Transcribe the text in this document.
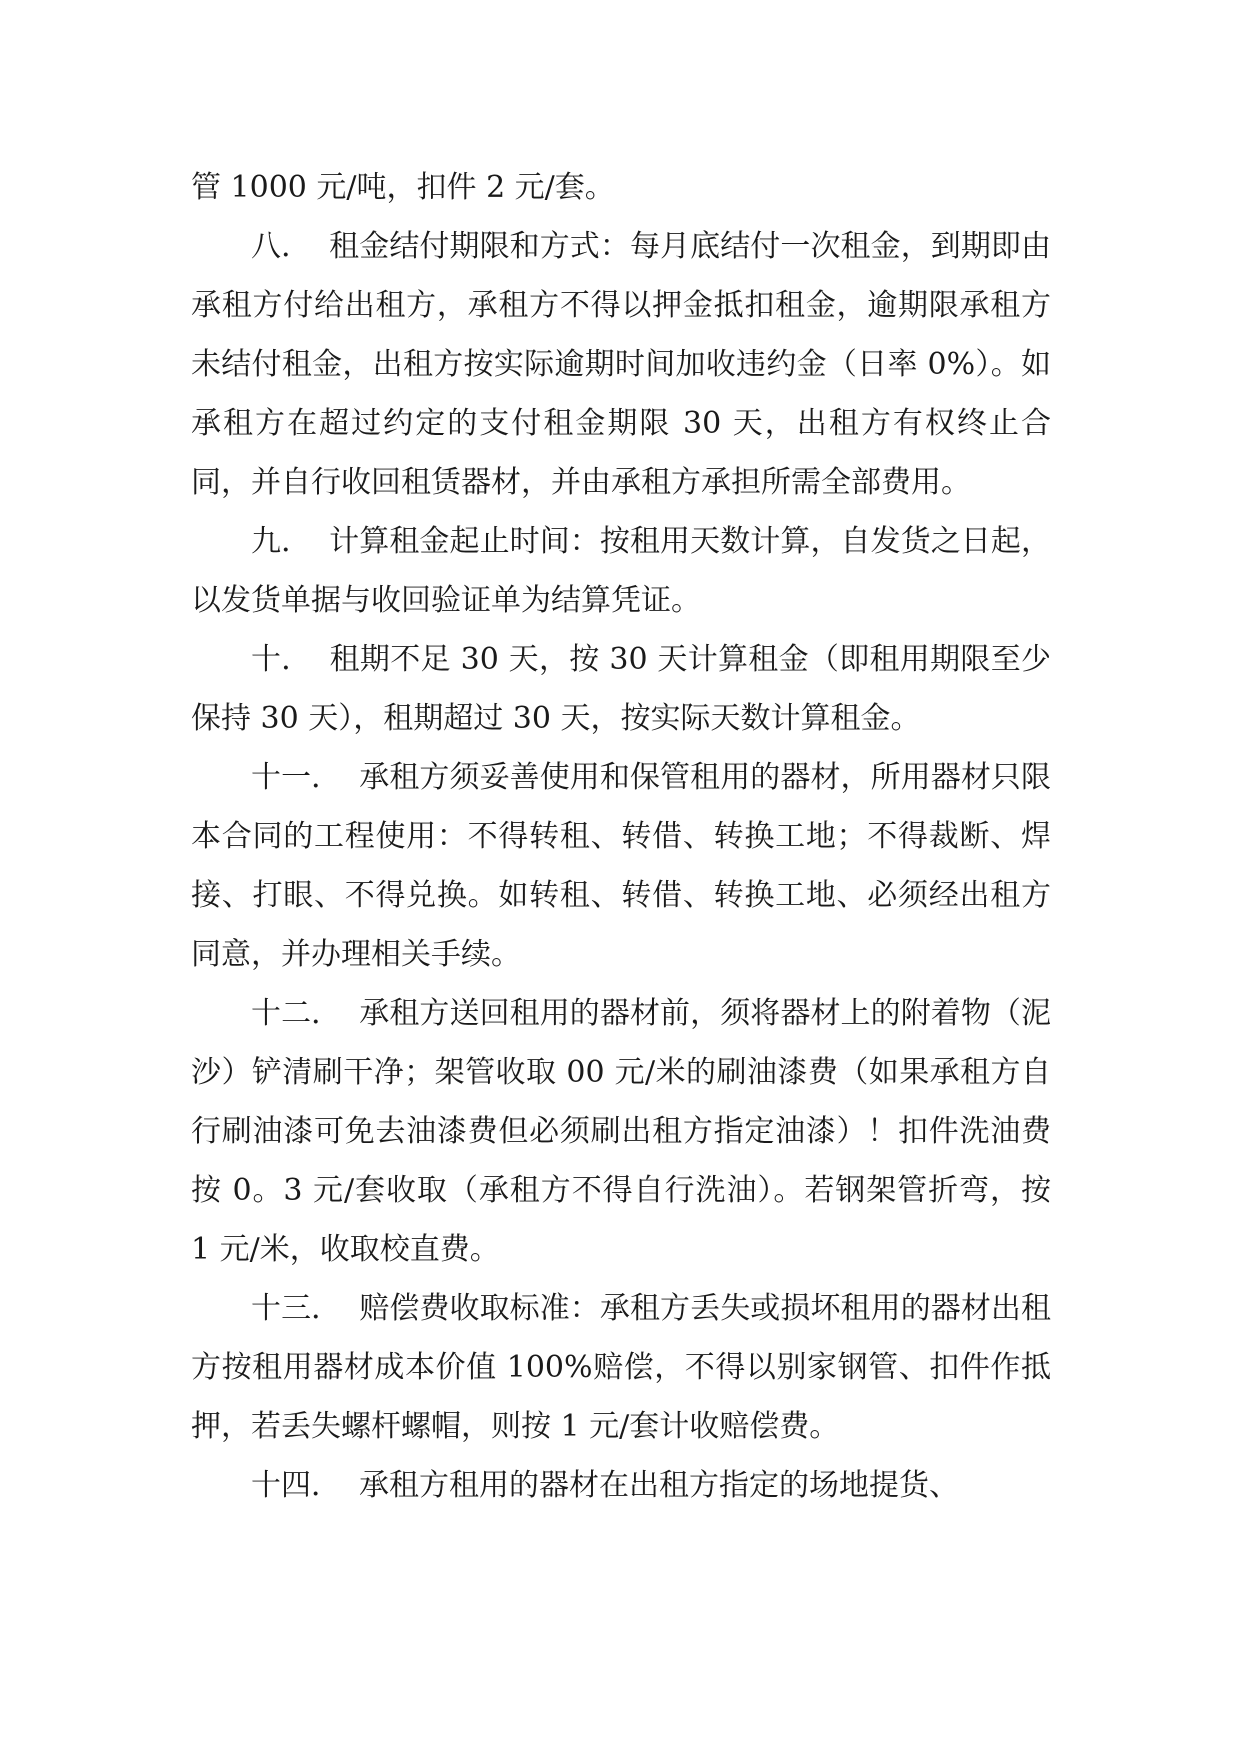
管 1000 元/吨，扣件 2 元/套。

八． 租金结付期限和方式：每月底结付一次租金，到期即由承租方付给出租方，承租方不得以押金抵扣租金，逾期限承租方未结付租金，出租方按实际逾期时间加收违约金（日率 0%）。如承租方在超过约定的支付租金期限 30 天，出租方有权终止合同，并自行收回租赁器材，并由承租方承担所需全部费用。

九． 计算租金起止时间：按租用天数计算，自发货之日起，以发货单据与收回验证单为结算凭证。

十． 租期不足 30 天，按 30 天计算租金（即租用期限至少保持 30 天），租期超过 30 天，按实际天数计算租金。

十一． 承租方须妥善使用和保管租用的器材，所用器材只限本合同的工程使用：不得转租、转借、转换工地；不得裁断、焊接、打眼、不得兑换。如转租、转借、转换工地、必须经出租方同意，并办理相关手续。

十二． 承租方送回租用的器材前，须将器材上的附着物（泥沙）铲清刷干净；架管收取 00 元/米的刷油漆费（如果承租方自行刷油漆可免去油漆费但必须刷出租方指定油漆）！扣件洗油费按 0。3 元/套收取（承租方不得自行洗油）。若钢架管折弯，按 1 元/米，收取校直费。

十三． 赔偿费收取标准：承租方丢失或损坏租用的器材出租方按租用器材成本价值 100%赔偿，不得以别家钢管、扣件作抵押，若丢失螺杆螺帽，则按 1 元/套计收赔偿费。

十四． 承租方租用的器材在出租方指定的场地提货、
